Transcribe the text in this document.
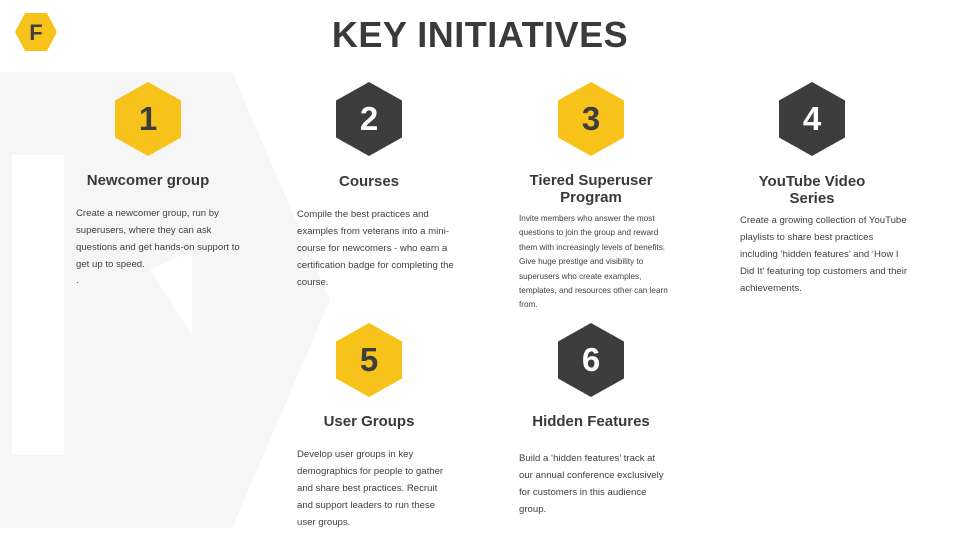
F	KEY INITIATIVES
1
Newcomer group
Create a newcomer group, run by superusers, where they can ask questions and get hands-on support to get up to speed.
.
2
Courses
Compile the best practices and examples from veterans into a mini-course for newcomers - who earn a certification badge for completing the course.
3
Tiered Superuser Program
Invite members who answer the most questions to join the group and reward them with increasingly levels of benefits. Give huge prestige and visibility to superusers who create examples, templates, and resources other can learn from.
4
YouTube Video Series
Create a growing collection of YouTube playlists to share best practices including ‘hidden features’ and ‘How I Did It’ featuring top customers and their achievements.
5
User Groups
Develop user groups in key demographics for people to gather and share best practices. Recruit and support leaders to run these user groups.
6
Hidden Features
Build a ‘hidden features’ track at our annual conference exclusively for customers in this audience group.
